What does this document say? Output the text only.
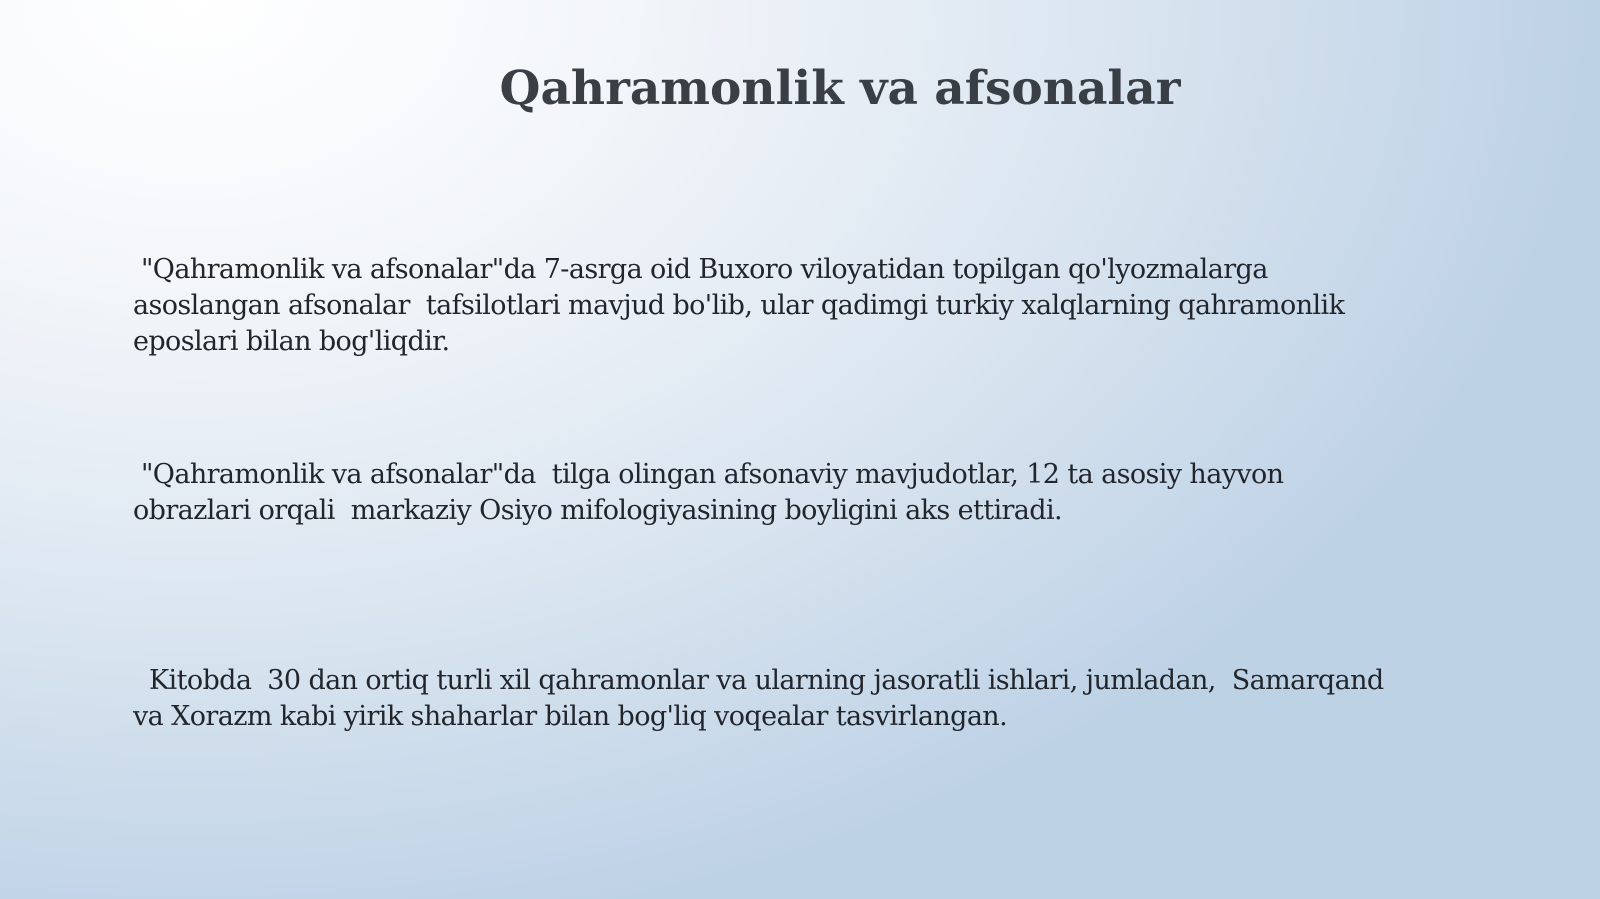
Qahramonlik va afsonalar

"Qahramonlik va afsonalar"da 7-asrga oid Buxoro viloyatidan topilgan qo'lyozmalarga
asoslangan afsonalar  tafsilotlari mavjud bo'lib, ular qadimgi turkiy xalqlarning qahramonlik
eposlari bilan bog'liqdir.

"Qahramonlik va afsonalar"da  tilga olingan afsonaviy mavjudotlar, 12 ta asosiy hayvon
obrazlari orqali  markaziy Osiyo mifologiyasining boyligini aks ettiradi.

Kitobda  30 dan ortiq turli xil qahramonlar va ularning jasoratli ishlari, jumladan,  Samarqand
va Xorazm kabi yirik shaharlar bilan bog'liq voqealar tasvirlangan.
